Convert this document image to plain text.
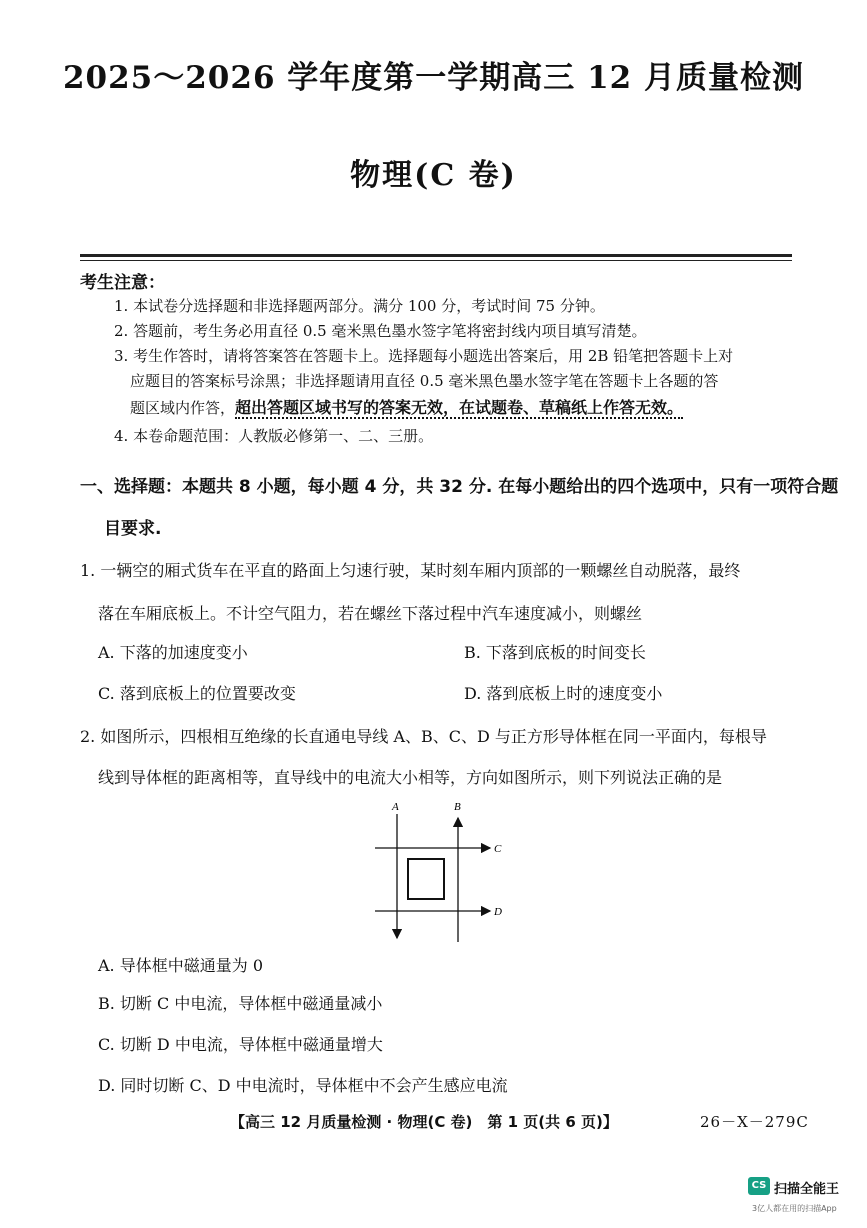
2025～2026 学年度第一学期高三 12 月质量检测
物理(C 卷)
考生注意：
1. 本试卷分选择题和非选择题两部分。满分 100 分，考试时间 75 分钟。
2. 答题前，考生务必用直径 0.5 毫米黑色墨水签字笔将密封线内项目填写清楚。
3. 考生作答时，请将答案答在答题卡上。选择题每小题选出答案后，用 2B 铅笔把答题卡上对
应题目的答案标号涂黑；非选择题请用直径 0.5 毫米黑色墨水签字笔在答题卡上各题的答
题区域内作答，超出答题区域书写的答案无效，在试题卷、草稿纸上作答无效。
4. 本卷命题范围：人教版必修第一、二、三册。
一、选择题：本题共 8 小题，每小题 4 分，共 32 分. 在每小题给出的四个选项中，只有一项符合题
目要求.
1. 一辆空的厢式货车在平直的路面上匀速行驶，某时刻车厢内顶部的一颗螺丝自动脱落，最终
落在车厢底板上。不计空气阻力，若在螺丝下落过程中汽车速度减小，则螺丝
A. 下落的加速度变小	B. 下落到底板的时间变长
C. 落到底板上的位置要改变	D. 落到底板上时的速度变小
2. 如图所示，四根相互绝缘的长直通电导线 A、B、C、D 与正方形导体框在同一平面内，每根导
线到导体框的距离相等，直导线中的电流大小相等，方向如图所示，则下列说法正确的是
A	B
C
D
A. 导体框中磁通量为 0
B. 切断 C 中电流，导体框中磁通量减小
C. 切断 D 中电流，导体框中磁通量增大
D. 同时切断 C、D 中电流时，导体框中不会产生感应电流
【高三 12 月质量检测 · 物理(C 卷)　第 1 页(共 6 页)】	26－X－279C
CS 扫描全能王
3亿人都在用的扫描App
